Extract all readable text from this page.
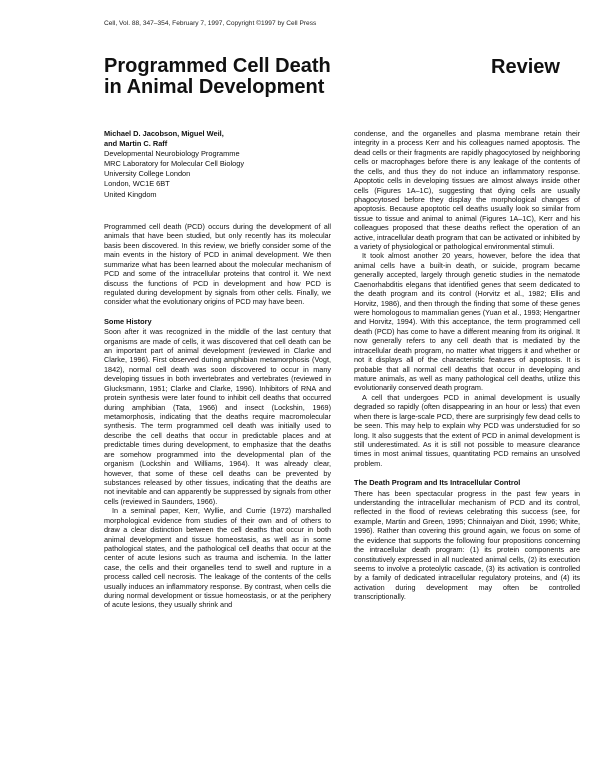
Cell, Vol. 88, 347–354, February 7, 1997, Copyright ©1997 by Cell Press
Programmed Cell Death
in Animal Development
Review
Michael D. Jacobson, Miguel Weil,
and Martin C. Raff
Developmental Neurobiology Programme
MRC Laboratory for Molecular Cell Biology
University College London
London, WC1E 6BT
United Kingdom

Programmed cell death (PCD) occurs during the development of all animals that have been studied, but only recently has its molecular basis been discovered. In this review, we briefly consider some of the main events in the history of PCD in animal development. We then summarize what has been learned about the molecular mechanism of PCD and some of the intracellular proteins that control it. We next discuss the functions of PCD in development and how PCD is regulated during development by signals from other cells. Finally, we consider what the evolutionary origins of PCD may have been.

Some History

Soon after it was recognized in the middle of the last century that organisms are made of cells, it was discovered that cell death can be an important part of animal development (reviewed in Clarke and Clarke, 1996). First observed during amphibian metamorphosis (Vogt, 1842), normal cell death was soon discovered to occur in many developing tissues in both invertebrates and vertebrates (reviewed in Glucksmann, 1951; Clarke and Clarke, 1996). Inhibitors of RNA and protein synthesis were later found to inhibit cell deaths that occurred during amphibian (Tata, 1966) and insect (Lockshin, 1969) metamorphosis, indicating that the deaths require macromolecular synthesis. The term programmed cell death was initially used to describe the cell deaths that occur in predictable places and at predictable times during development, to emphasize that the deaths are somehow programmed into the developmental plan of the organism (Lockshin and Williams, 1964). It was already clear, however, that some of these cell deaths can be prevented by substances released by other tissues, indicating that the deaths are not inevitable and can apparently be suppressed by signals from other cells (reviewed in Saunders, 1966).

In a seminal paper, Kerr, Wyllie, and Currie (1972) marshalled morphological evidence from studies of their own and of others to draw a clear distinction between the cell deaths that occur in both animal development and tissue homeostasis, as well as in some pathological states, and the pathological cell deaths that occur at the center of acute lesions such as trauma and ischemia. In the latter case, the cells and their organelles tend to swell and rupture in a process called cell necrosis. The leakage of the contents of the cells usually induces an inflammatory response. By contrast, when cells die during normal development or tissue homeostasis, or at the periphery of acute lesions, they usually shrink and

condense, and the organelles and plasma membrane retain their integrity in a process Kerr and his colleagues named apoptosis. The dead cells or their fragments are rapidly phagocytosed by neighboring cells or macrophages before there is any leakage of the contents of the cells, and thus they do not induce an inflammatory response. Apoptotic cells in developing tissues are almost always inside other cells (Figures 1A–1C), suggesting that dying cells are usually phagocytosed before they display the morphological changes of apoptosis. Because apoptotic cell deaths usually look so similar from tissue to tissue and animal to animal (Figures 1A–1C), Kerr and his colleagues proposed that these deaths reflect the operation of an active, intracellular death program that can be activated or inhibited by a variety of physiological or pathological environmental stimuli.

It took almost another 20 years, however, before the idea that animal cells have a built-in death, or suicide, program became generally accepted, largely through genetic studies in the nematode Caenorhabditis elegans that identified genes that seem dedicated to the death program and its control (Horvitz et al., 1982; Ellis and Horvitz, 1986), and then through the finding that some of these genes were homologous to mammalian genes (Yuan et al., 1993; Hengartner and Horvitz, 1994). With this acceptance, the term programmed cell death (PCD) has come to have a different meaning from its original. It now generally refers to any cell death that is mediated by the intracellular death program, no matter what triggers it and whether or not it displays all of the characteristic features of apoptosis. It is probable that all normal cell deaths that occur in developing and mature animals, as well as many pathological cell deaths, utilize this evolutionarily conserved death program.

A cell that undergoes PCD in animal development is usually degraded so rapidly (often disappearing in an hour or less) that even when there is large-scale PCD, there are surprisingly few dead cells to be seen. This may help to explain why PCD was understudied for so long. It also suggests that the extent of PCD in animal development is still underestimated. As it is still not possible to measure clearance times in most animal tissues, quantitating PCD remains an unsolved problem.

The Death Program and Its Intracellular Control

There has been spectacular progress in the past few years in understanding the intracellular mechanism of PCD and its control, reflected in the flood of reviews celebrating this success (see, for example, Martin and Green, 1995; Chinnaiyan and Dixit, 1996; White, 1996). Rather than covering this ground again, we focus on some of the evidence that supports the following four propositions concerning the intracellular death program: (1) its protein components are constitutively expressed in all nucleated animal cells, (2) its execution seems to involve a proteolytic cascade, (3) its activation is controlled by a family of dedicated intracellular regulatory proteins, and (4) its activation during development may often be controlled transcriptionally.
